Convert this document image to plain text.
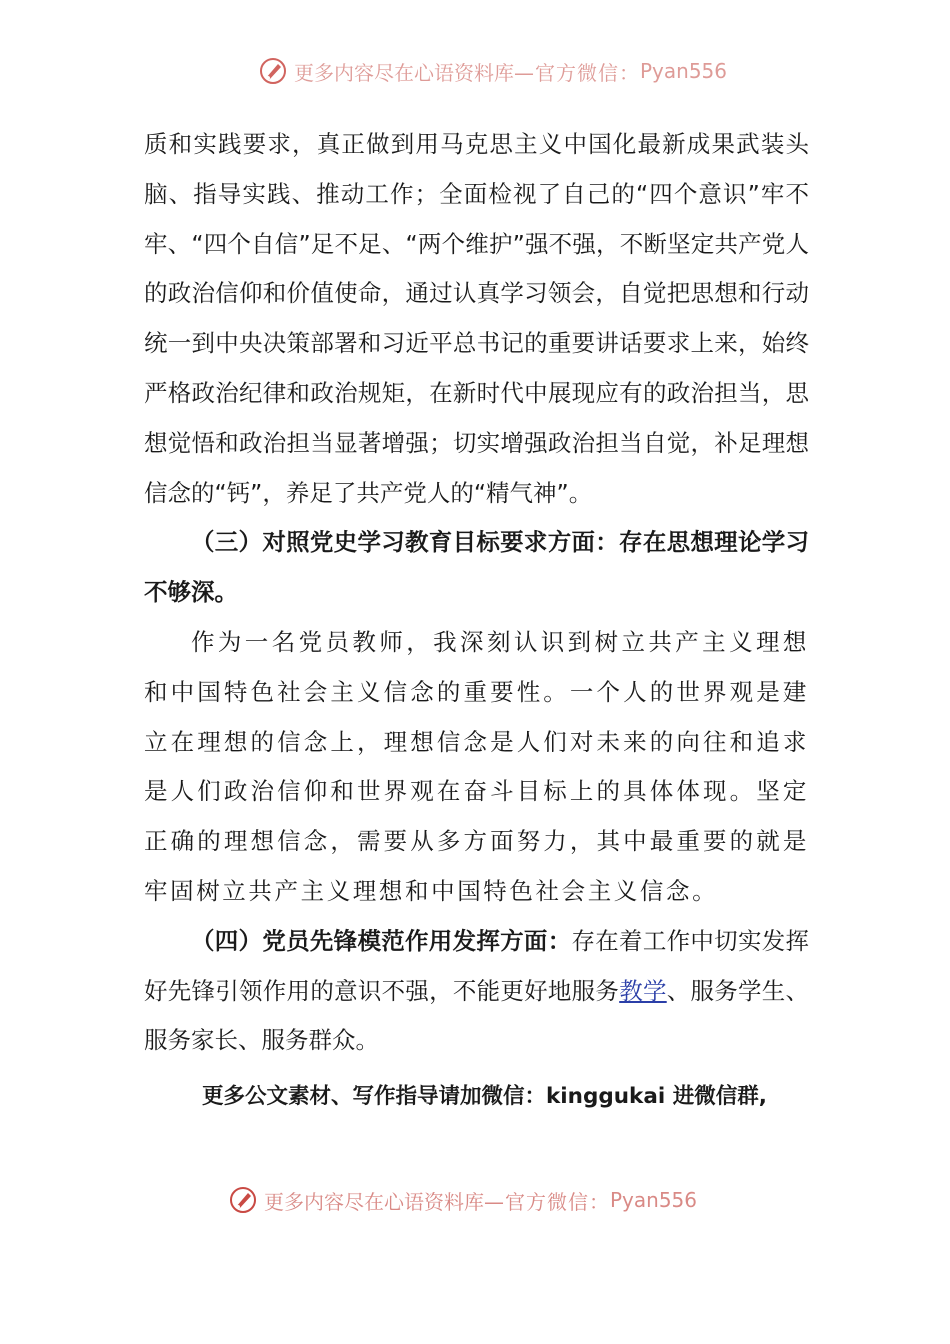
更多内容尽在心语资料库 —官方微信： Pyan556

质和实践要求，真正做到用马克思主义中国化最新成果武装头脑、指导实践、推动工作；全面检视了自己的“四个意识”牢不牢、“四个自信”足不足、“两个维护”强不强，不断坚定共产党人的政治信仰和价值使命，通过认真学习领会，自觉把思想和行动统一到中央决策部署和习近平总书记的重要讲话要求上来，始终严格政治纪律和政治规矩，在新时代中展现应有的政治担当，思想觉悟和政治担当显著增强；切实增强政治担当自觉，补足理想信念的“钙”，养足了共产党人的“精气神”。

（三）对照党史学习教育目标要求方面：存在思想理论学习不够深。

作为一名党员教师，我深刻认识到树立共产主义理想和中国特色社会主义信念的重要性。一个人的世界观是建立在理想的信念上，理想信念是人们对未来的向往和追求是人们政治信仰和世界观在奋斗目标上的具体体现。坚定正确的理想信念，需要从多方面努力，其中最重要的就是牢固树立共产主义理想和中国特色社会主义信念。

（四）党员先锋模范作用发挥方面：存在着工作中切实发挥好先锋引领作用的意识不强，不能更好地服务教学、服务学生、服务家长、服务群众。

更多公文素材、写作指导请加微信：kinggukai 进微信群,

更多内容尽在心语资料库 —官方微信： Pyan556
